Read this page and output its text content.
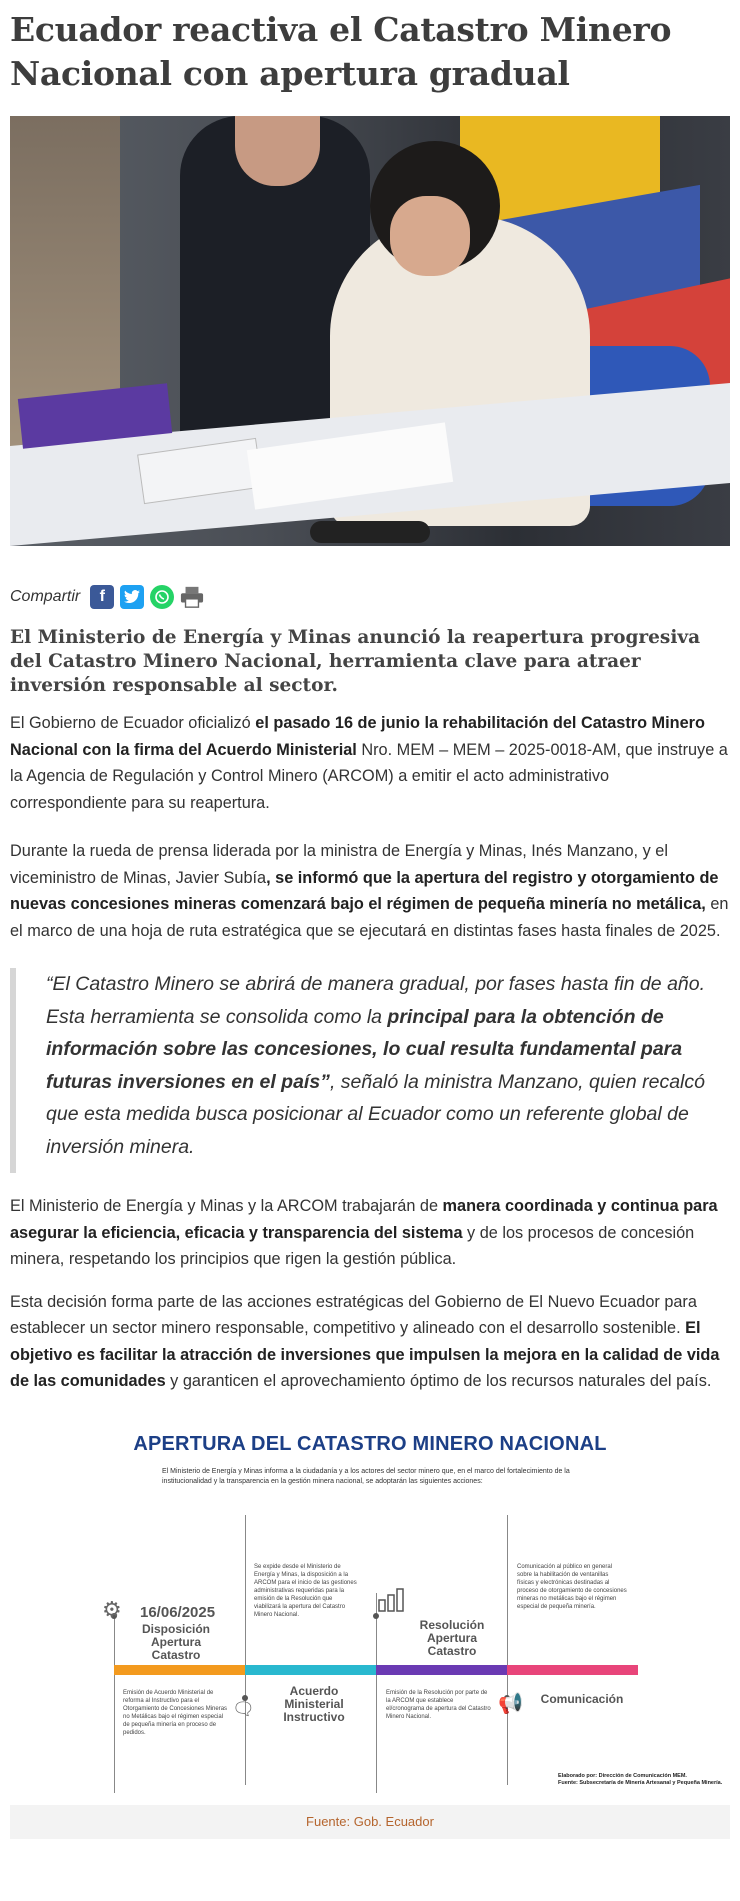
Ecuador reactiva el Catastro Minero Nacional con apertura gradual
Compartir	f
El Ministerio de Energía y Minas anunció la reapertura progresiva del Catastro Minero Nacional, herramienta clave para atraer inversión responsable al sector.

El Gobierno de Ecuador oficializó el pasado 16 de junio la rehabilitación del Catastro Minero Nacional con la firma del Acuerdo Ministerial Nro. MEM – MEM – 2025-0018-AM, que instruye a la Agencia de Regulación y Control Minero (ARCOM) a emitir el acto administrativo correspondiente para su reapertura.

Durante la rueda de prensa liderada por la ministra de Energía y Minas, Inés Manzano, y el viceministro de Minas, Javier Subía, se informó que la apertura del registro y otorgamiento de nuevas concesiones mineras comenzará bajo el régimen de pequeña minería no metálica, en el marco de una hoja de ruta estratégica que se ejecutará en distintas fases hasta finales de 2025.

“El Catastro Minero se abrirá de manera gradual, por fases hasta fin de año. Esta herramienta se consolida como la principal para la obtención de información sobre las concesiones, lo cual resulta fundamental para futuras inversiones en el país”, señaló la ministra Manzano, quien recalcó que esta medida busca posicionar al Ecuador como un referente global de inversión minera.

El Ministerio de Energía y Minas y la ARCOM trabajarán de manera coordinada y continua para asegurar la eficiencia, eficacia y transparencia del sistema y de los procesos de concesión minera, respetando los principios que rigen la gestión pública.

Esta decisión forma parte de las acciones estratégicas del Gobierno de El Nuevo Ecuador para establecer un sector minero responsable, competitivo y alineado con el desarrollo sostenible. El objetivo es facilitar la atracción de inversiones que impulsen la mejora en la calidad de vida de las comunidades y garanticen el aprovechamiento óptimo de los recursos naturales del país.

APERTURA DEL CATASTRO MINERO NACIONAL
El Ministerio de Energía y Minas informa a la ciudadanía y a los actores del sector minero que, en el marco del fortalecimiento de la institucionalidad y la transparencia en la gestión minera nacional, se adoptarán las siguientes acciones:
⚙ 16/06/2025
Disposición Apertura Catastro
Emisión de Acuerdo Ministerial de reforma al Instructivo para el Otorgamiento de Concesiones Mineras no Metálicas bajo el régimen especial de pequeña minería en proceso de pedidos.
Se expide desde el Ministerio de Energía y Minas, la disposición a la ARCOM para el inicio de las gestiones administrativas requeridas para la emisión de la Resolución que viabilizará la apertura del Catastro Minero Nacional.
Acuerdo Ministerial Instructivo
🗨
Resolución Apertura Catastro
Emisión de la Resolución por parte de la ARCOM que establece el/cronograma de apertura del Catastro Minero Nacional.
Comunicación al público en general sobre la habilitación de ventanillas físicas y electrónicas destinadas al proceso de otorgamiento de concesiones mineras no metálicas bajo el régimen especial de pequeña minería.
📢	Comunicación
Elaborado por: Dirección de Comunicación MEM.
Fuente: Subsecretaría de Minería Artesanal y Pequeña Minería.
Fuente: Gob. Ecuador
